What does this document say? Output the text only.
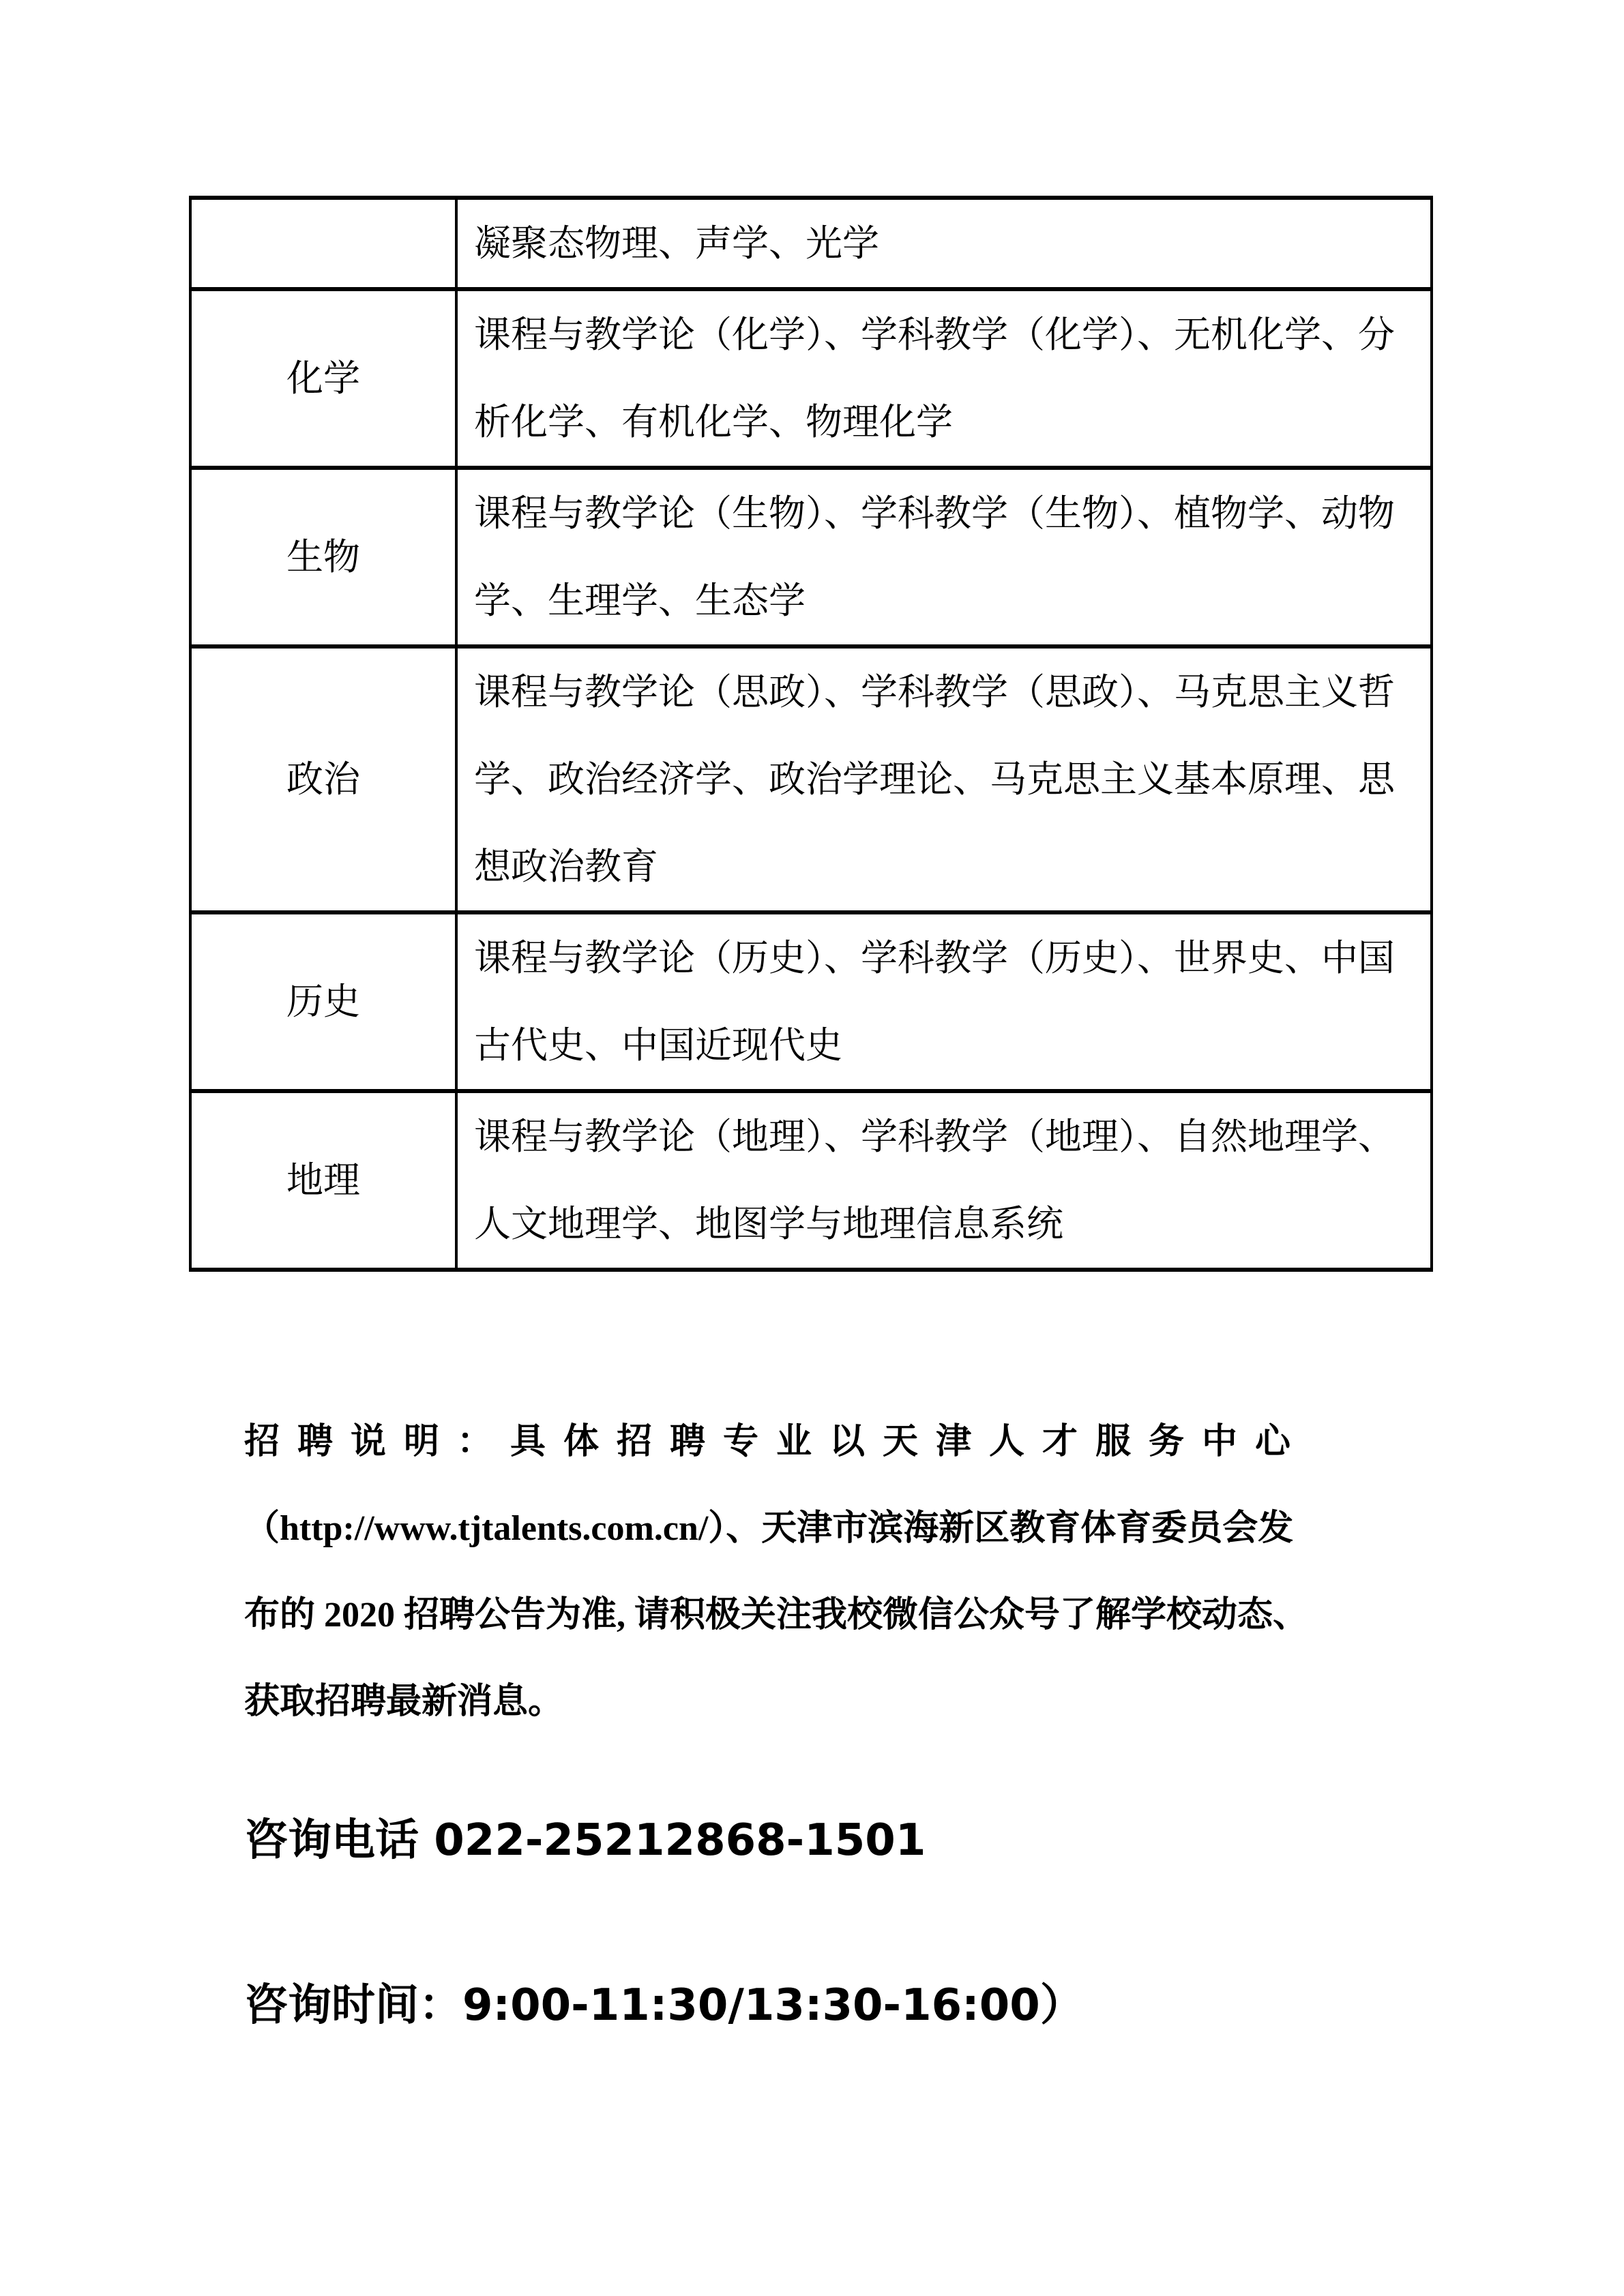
	凝聚态物理、声学、光学
化学	课程与教学论（化学）、学科教学（化学）、无机化学、分析化学、有机化学、物理化学
生物	课程与教学论（生物）、学科教学（生物）、植物学、动物学、生理学、生态学
政治	课程与教学论（思政）、学科教学（思政）、马克思主义哲学、政治经济学、政治学理论、马克思主义基本原理、思想政治教育
历史	课程与教学论（历史）、学科教学（历史）、世界史、中国古代史、中国近现代史
地理	课程与教学论（地理）、学科教学（地理）、自然地理学、人文地理学、地图学与地理信息系统
招聘说明：具体招聘专业以天津人才服务中心
（http://www.tjtalents.com.cn/）、天津市滨海新区教育体育委员会发
布的 2020 招聘公告为准, 请积极关注我校微信公众号了解学校动态、
获取招聘最新消息。
咨询电话 022-25212868-1501
咨询时间：9:00-11:30/13:30-16:00）
